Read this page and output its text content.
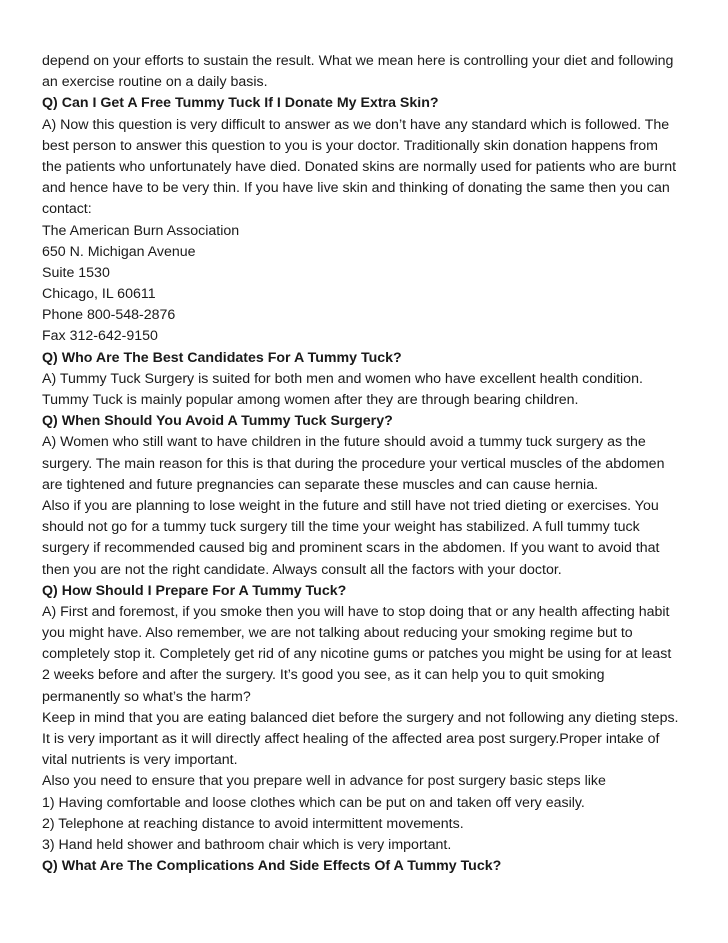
depend on your efforts to sustain the result. What we mean here is controlling your diet and following
an exercise routine on a daily basis.
Q) Can I Get A Free Tummy Tuck If I Donate My Extra Skin?
A) Now this question is very difficult to answer as we don’t have any standard which is followed. The
best person to answer this question to you is your doctor. Traditionally skin donation happens from
the patients who unfortunately have died. Donated skins are normally used for patients who are burnt
and hence have to be very thin. If you have live skin and thinking of donating the same then you can
contact:
The American Burn Association
650 N. Michigan Avenue
Suite 1530
Chicago, IL 60611
Phone 800-548-2876
Fax 312-642-9150
Q) Who Are The Best Candidates For A Tummy Tuck?
A) Tummy Tuck Surgery is suited for both men and women who have excellent health condition.
Tummy Tuck is mainly popular among women after they are through bearing children.
Q) When Should You Avoid A Tummy Tuck Surgery?
A) Women who still want to have children in the future should avoid a tummy tuck surgery as the
surgery. The main reason for this is that during the procedure your vertical muscles of the abdomen
are tightened and future pregnancies can separate these muscles and can cause hernia.
Also if you are planning to lose weight in the future and still have not tried dieting or exercises. You
should not go for a tummy tuck surgery till the time your weight has stabilized. A full tummy tuck
surgery if recommended caused big and prominent scars in the abdomen. If you want to avoid that
then you are not the right candidate. Always consult all the factors with your doctor.
Q) How Should I Prepare For A Tummy Tuck?
A) First and foremost, if you smoke then you will have to stop doing that or any health affecting habit
you might have. Also remember, we are not talking about reducing your smoking regime but to
completely stop it. Completely get rid of any nicotine gums or patches you might be using for at least
2 weeks before and after the surgery. It’s good you see, as it can help you to quit smoking
permanently so what’s the harm?
Keep in mind that you are eating balanced diet before the surgery and not following any dieting steps.
It is very important as it will directly affect healing of the affected area post surgery.Proper intake of
vital nutrients is very important.
Also you need to ensure that you prepare well in advance for post surgery basic steps like
1) Having comfortable and loose clothes which can be put on and taken off very easily.
2) Telephone at reaching distance to avoid intermittent movements.
3) Hand held shower and bathroom chair which is very important.
Q) What Are The Complications And Side Effects Of A Tummy Tuck?
